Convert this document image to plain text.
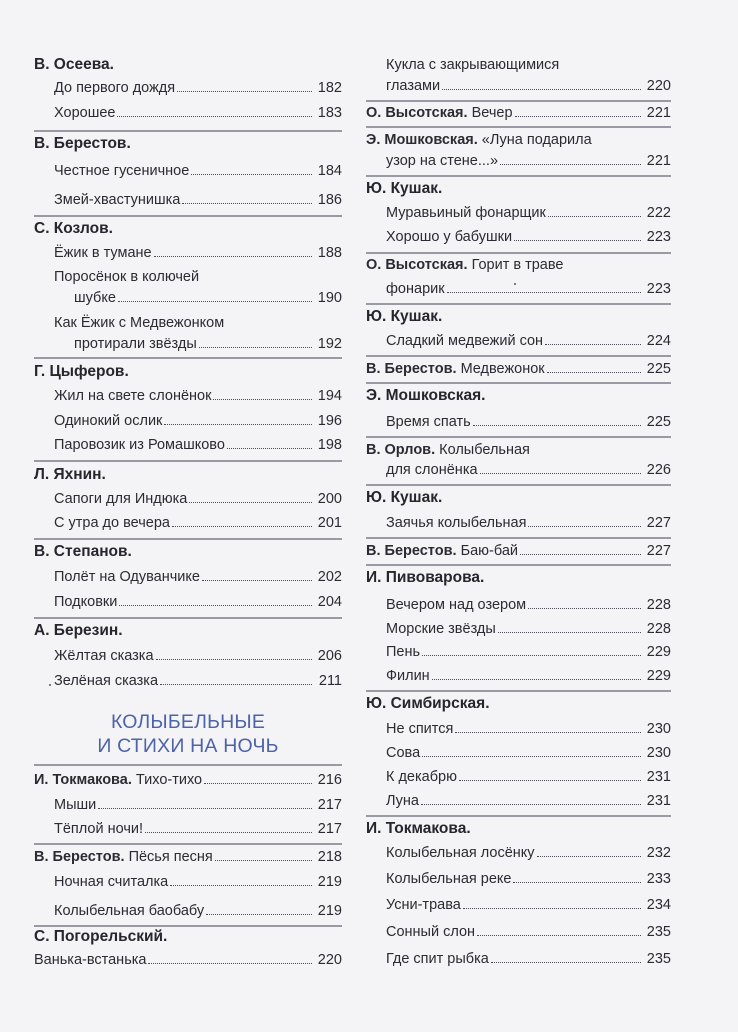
В. Осеева.
До первого дождя	182
Хорошее	183
В. Берестов.
Честное гусеничное	184
Змей-хвастунишка	186
С. Козлов.
Ёжик в тумане	188
Поросёнок в колючей
шубке	190
Как Ёжик с Медвежонком
протирали звёзды	192
Г. Цыферов.
Жил на свете слонёнок	194
Одинокий ослик	196
Паровозик из Ромашково	198
Л. Яхнин.
Сапоги для Индюка	200
С утра до вечера	201
В. Степанов.
Полёт на Одуванчике	202
Подковки	204
А. Березин.
Жёлтая сказка	206
Зелёная сказка	211
КОЛЫБЕЛЬНЫЕ
И СТИХИ НА НОЧЬ
И. Токмакова. Тихо-тихо	216
Мыши	217
Тёплой ночи!	217
В. Берестов. Пёсья песня	218
Ночная считалка	219
Колыбельная баобабу	219
С. Погорельский.
Ванька-встанька	220
Кукла с закрывающимися
глазами	220
О. Высотская. Вечер	221
Э. Мошковская. «Луна подарила
узор на стене...»	221
Ю. Кушак.
Муравьиный фонарщик	222
Хорошо у бабушки	223
О. Высотская. Горит в траве
фонарик	223
Ю. Кушак.
Сладкий медвежий сон	224
В. Берестов. Медвежонок	225
Э. Мошковская.
Время спать	225
В. Орлов. Колыбельная
для слонёнка	226
Ю. Кушак.
Заячья колыбельная	227
В. Берестов. Баю-бай	227
И. Пивоварова.
Вечером над озером	228
Морские звёзды	228
Пень	229
Филин	229
Ю. Симбирская.
Не спится	230
Сова	230
К декабрю	231
Луна	231
И. Токмакова.
Колыбельная лосёнку	232
Колыбельная реке	233
Усни-трава	234
Сонный слон	235
Где спит рыбка	235
